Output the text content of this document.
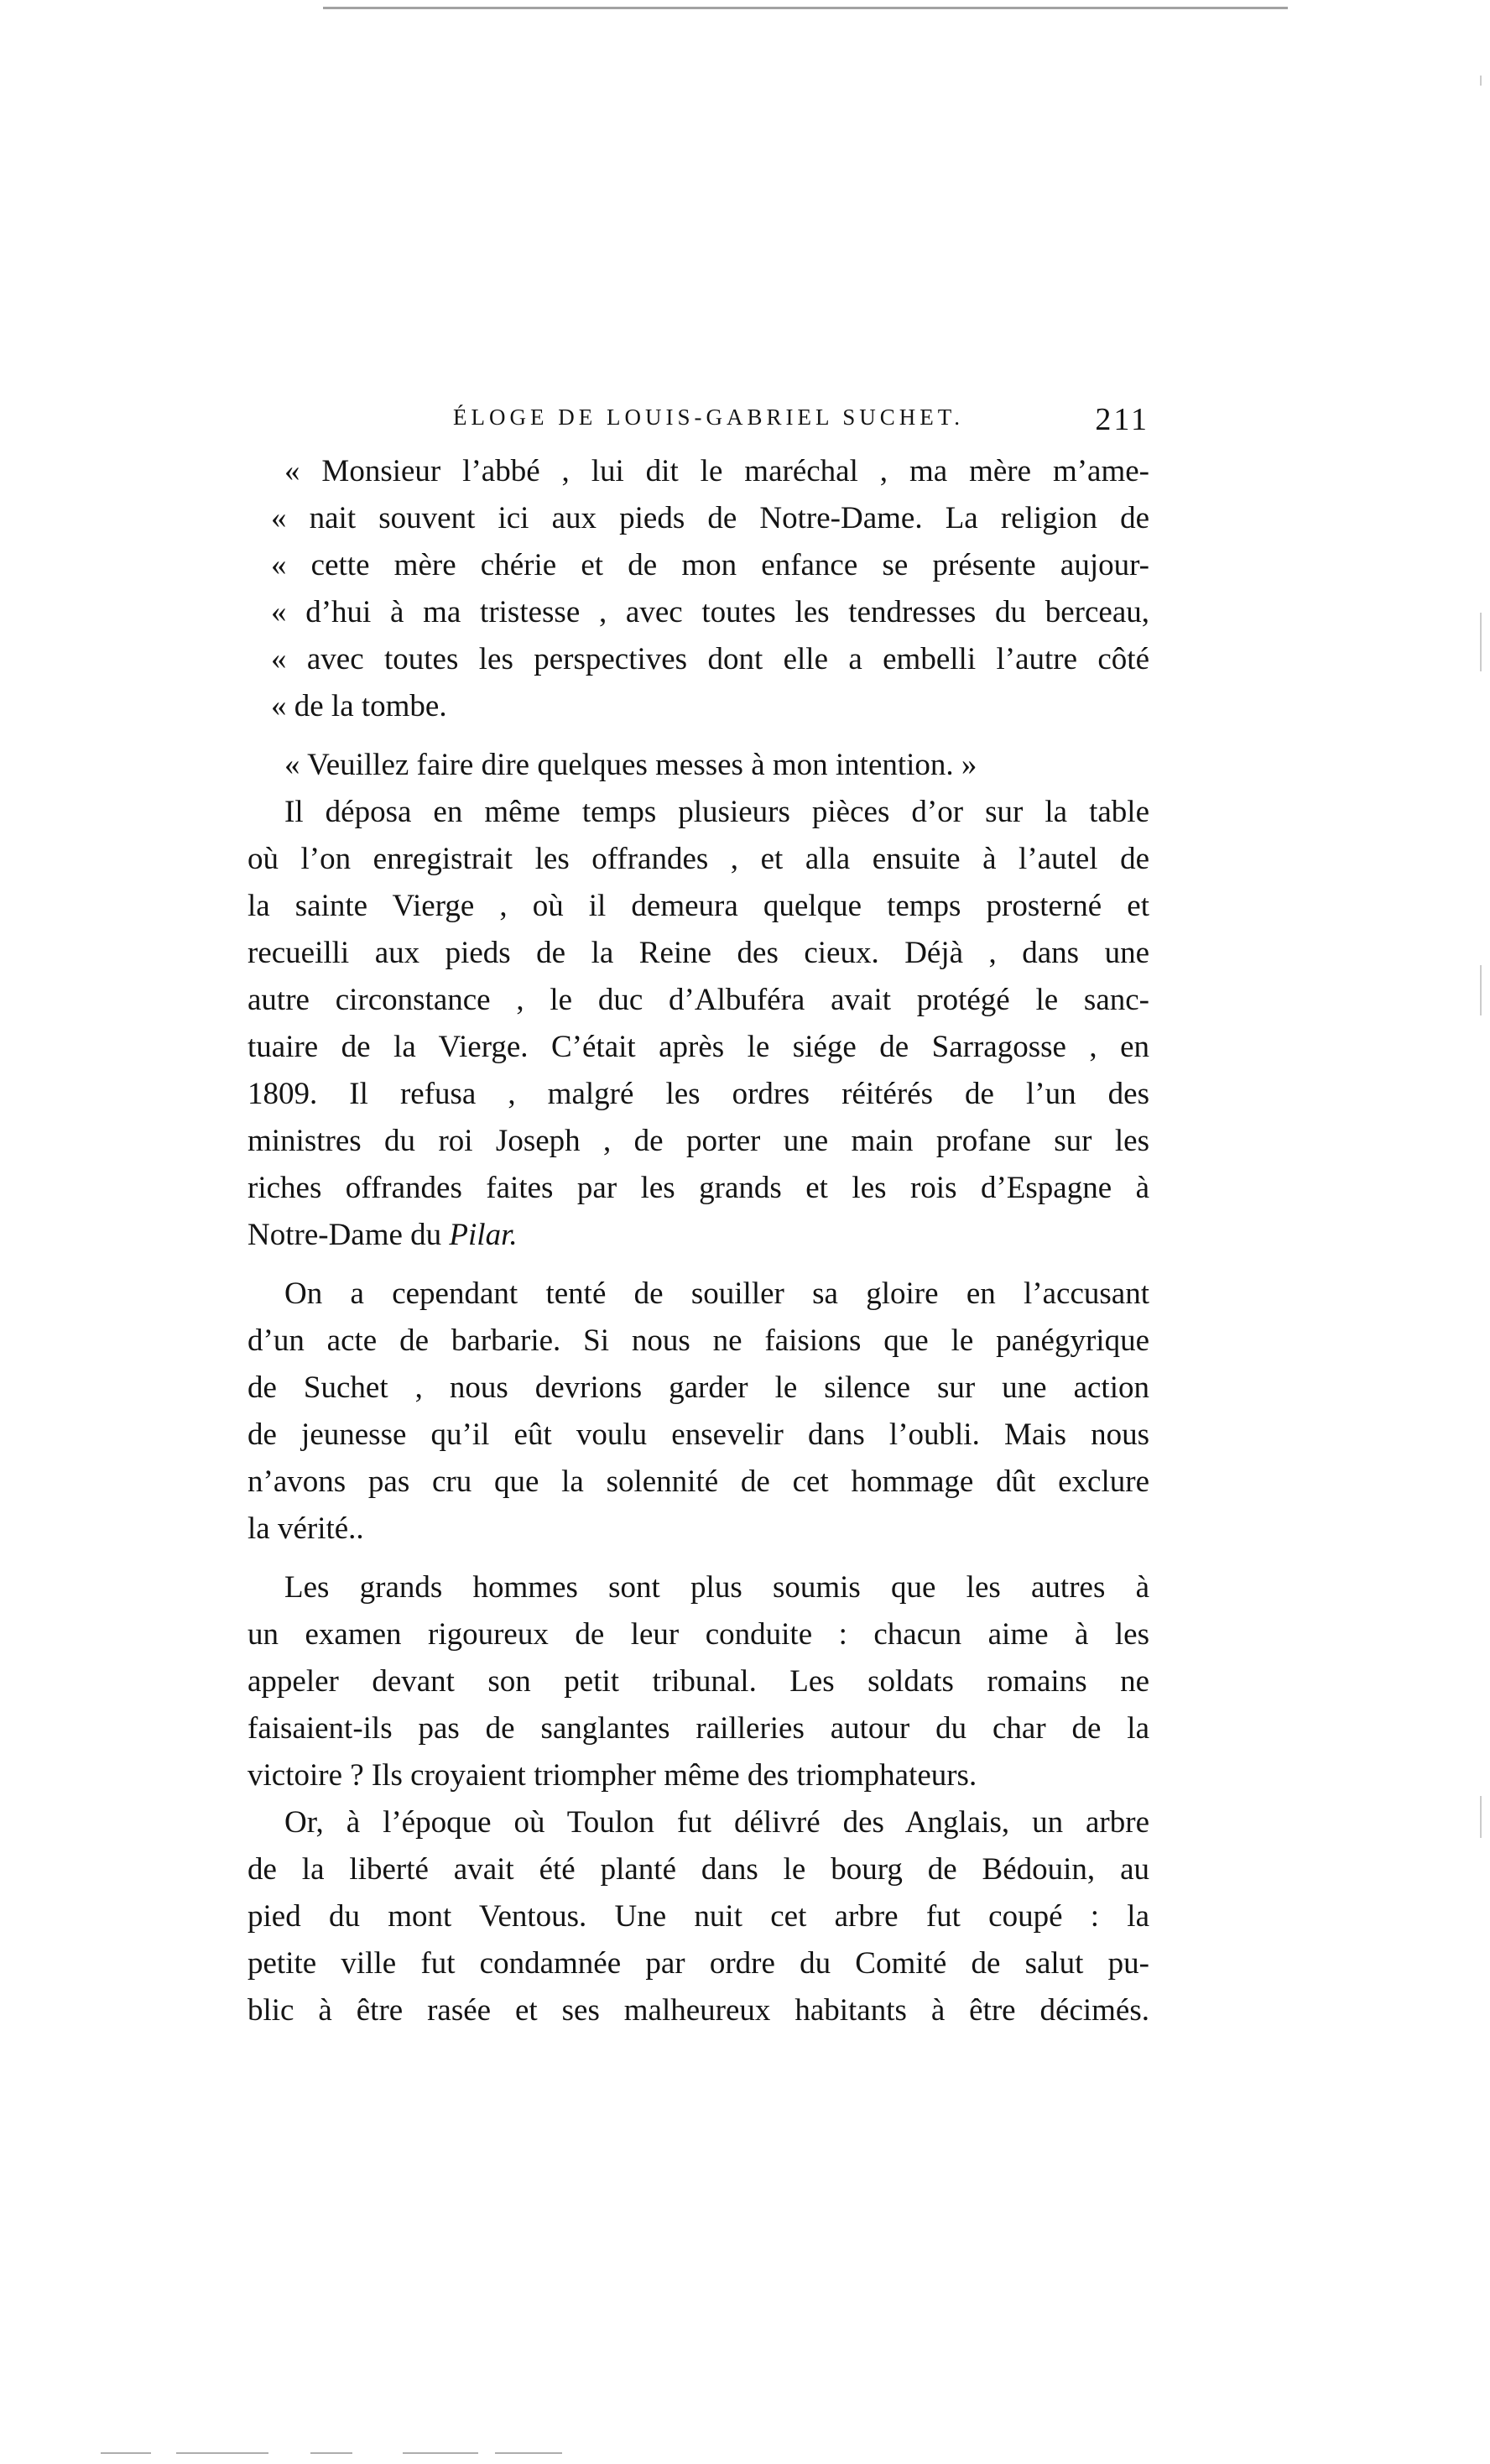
ÉLOGE DE LOUIS-GABRIEL SUCHET.	211
« Monsieur l’abbé , lui dit le maréchal , ma mère m’ame-
« nait souvent ici aux pieds de Notre-Dame. La religion de
« cette mère chérie et de mon enfance se présente aujour-
« d’hui à ma tristesse , avec toutes les tendresses du berceau,
« avec toutes les perspectives dont elle a embelli l’autre côté
« de la tombe.
« Veuillez faire dire quelques messes à mon intention. »
Il déposa en même temps plusieurs pièces d’or sur la table
où l’on enregistrait les offrandes , et alla ensuite à l’autel de
la sainte Vierge , où il demeura quelque temps prosterné et
recueilli aux pieds de la Reine des cieux. Déjà , dans une
autre circonstance , le duc d’Albuféra avait protégé le sanc-
tuaire de la Vierge. C’était après le siége de Sarragosse , en
1809. Il refusa , malgré les ordres réitérés de l’un des
ministres du roi Joseph , de porter une main profane sur les
riches offrandes faites par les grands et les rois d’Espagne à
Notre-Dame du Pilar.
On a cependant tenté de souiller sa gloire en l’accusant
d’un acte de barbarie. Si nous ne faisions que le panégyrique
de Suchet , nous devrions garder le silence sur une action
de jeunesse qu’il eût voulu ensevelir dans l’oubli. Mais nous
n’avons pas cru que la solennité de cet hommage dût exclure
la vérité..
Les grands hommes sont plus soumis que les autres à
un examen rigoureux de leur conduite : chacun aime à les
appeler devant son petit tribunal. Les soldats romains ne
faisaient-ils pas de sanglantes railleries autour du char de la
victoire ? Ils croyaient triompher même des triomphateurs.
Or, à l’époque où Toulon fut délivré des Anglais, un arbre
de la liberté avait été planté dans le bourg de Bédouin, au
pied du mont Ventous. Une nuit cet arbre fut coupé : la
petite ville fut condamnée par ordre du Comité de salut pu-
blic à être rasée et ses malheureux habitants à être décimés.
